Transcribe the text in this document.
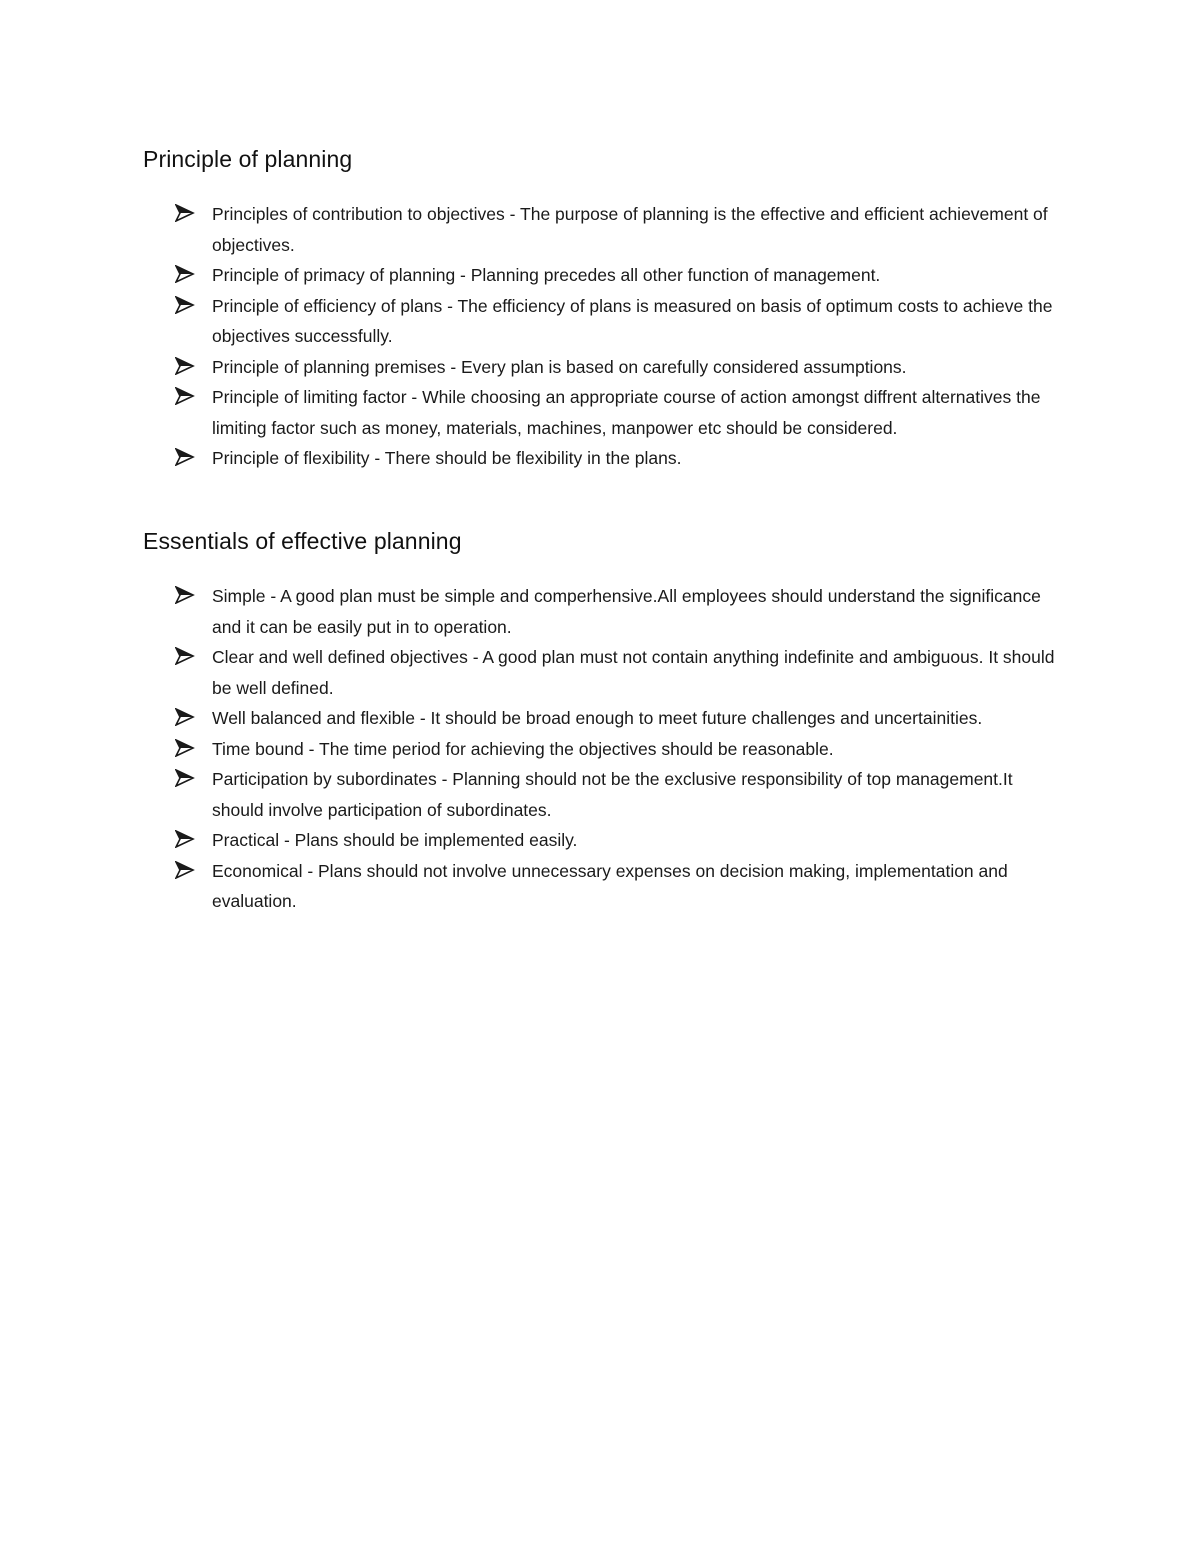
Principle of planning
Principles of contribution to objectives - The purpose of planning is the effective and efficient achievement of objectives.
Principle of primacy of planning - Planning precedes all other function of management.
Principle of efficiency of plans - The efficiency of plans is measured on basis of optimum costs to achieve the objectives successfully.
Principle of planning premises - Every plan is based on carefully considered assumptions.
Principle of limiting factor - While choosing an appropriate course of action amongst diffrent alternatives the limiting factor such as money, materials, machines, manpower etc should be considered.
Principle of flexibility - There should be flexibility in the plans.
Essentials of effective planning
Simple - A good plan must be simple and comperhensive.All employees should understand the significance and it can be easily put in to operation.
Clear and well defined objectives - A good plan must not contain anything indefinite and ambiguous. It should be well defined.
Well balanced and flexible - It should be broad enough to meet future challenges and uncertainities.
Time bound - The time period for achieving the objectives should be reasonable.
Participation by subordinates - Planning should not be the exclusive responsibility of top management.It should involve participation of subordinates.
Practical - Plans should be implemented easily.
Economical - Plans should not involve unnecessary expenses on decision making, implementation and evaluation.
